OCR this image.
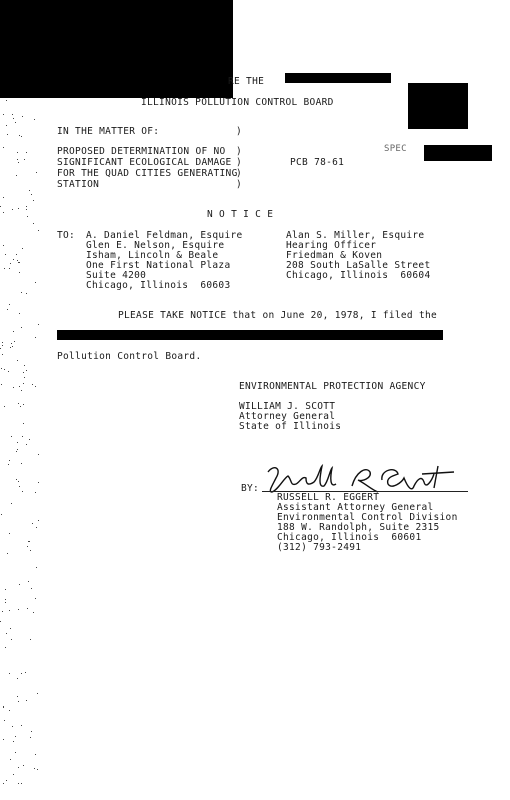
RE THE
ILLINOIS POLLUTION CONTROL BOARD
IN THE MATTER OF:	)
PROPOSED DETERMINATION OF NO
SIGNIFICANT ECOLOGICAL DAMAGE
FOR THE QUAD CITIES GENERATING
STATION
)
)
)
)
PCB 78-61
SPEC
N O T I C E
TO: A. Daniel Feldman, Esquire
Glen E. Nelson, Esquire
Isham, Lincoln & Beale
One First National Plaza
Suite 4200
Chicago, Illinois  60603
Alan S. Miller, Esquire
Hearing Officer
Friedman & Koven
208 South LaSalle Street
Chicago, Illinois  60604
PLEASE TAKE NOTICE that on June 20, 1978, I filed the
Pollution Control Board.
ENVIRONMENTAL PROTECTION AGENCY
WILLIAM J. SCOTT
Attorney General
State of Illinois
BY:
RUSSELL R. EGGERT
Assistant Attorney General
Environmental Control Division
188 W. Randolph, Suite 2315
Chicago, Illinois  60601
(312) 793-2491
